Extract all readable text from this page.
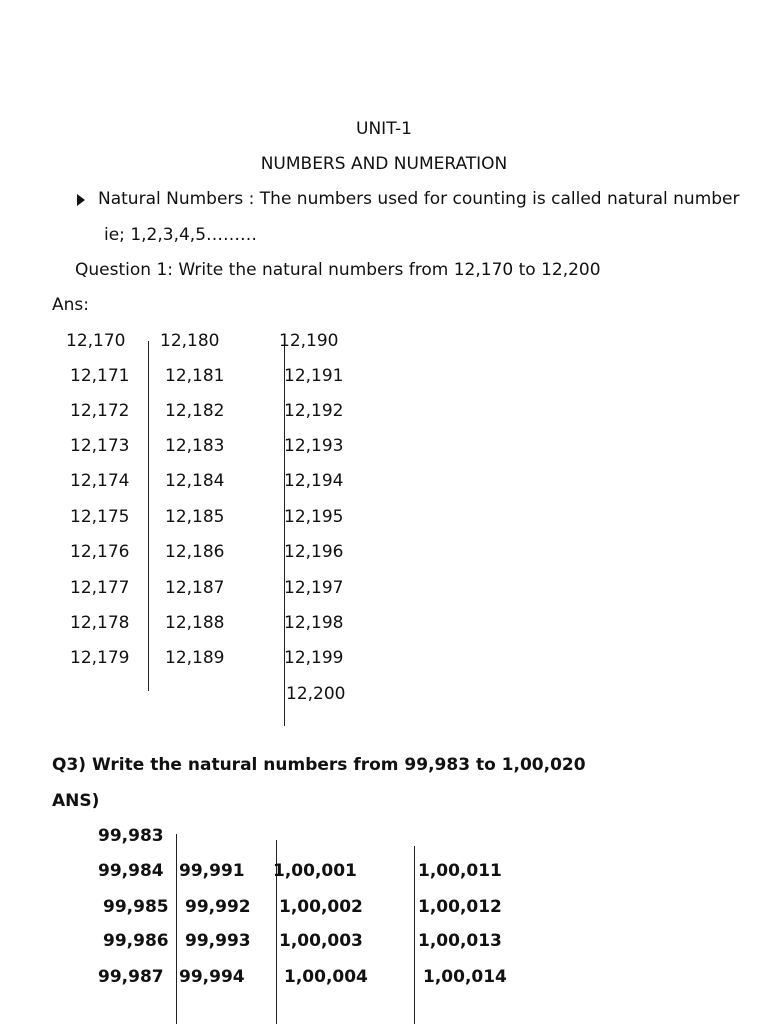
UNIT-1
NUMBERS AND NUMERATION
Natural Numbers : The numbers used for counting is called natural number
ie; 1,2,3,4,5………
Question 1: Write the natural numbers from 12,170 to 12,200
Ans:
12,170
12,171
12,172
12,173
12,174
12,175
12,176
12,177
12,178
12,179
12,180
12,181
12,182
12,183
12,184
12,185
12,186
12,187
12,188
12,189
12,190
12,191
12,192
12,193
12,194
12,195
12,196
12,197
12,198
12,199
12,200
Q3) Write the natural numbers from 99,983 to 1,00,020
ANS)
99,983
99,984
99,985
99,986
99,987
99,991
99,992
99,993
99,994
1,00,001
1,00,002
1,00,003
1,00,004
1,00,011
1,00,012
1,00,013
1,00,014
